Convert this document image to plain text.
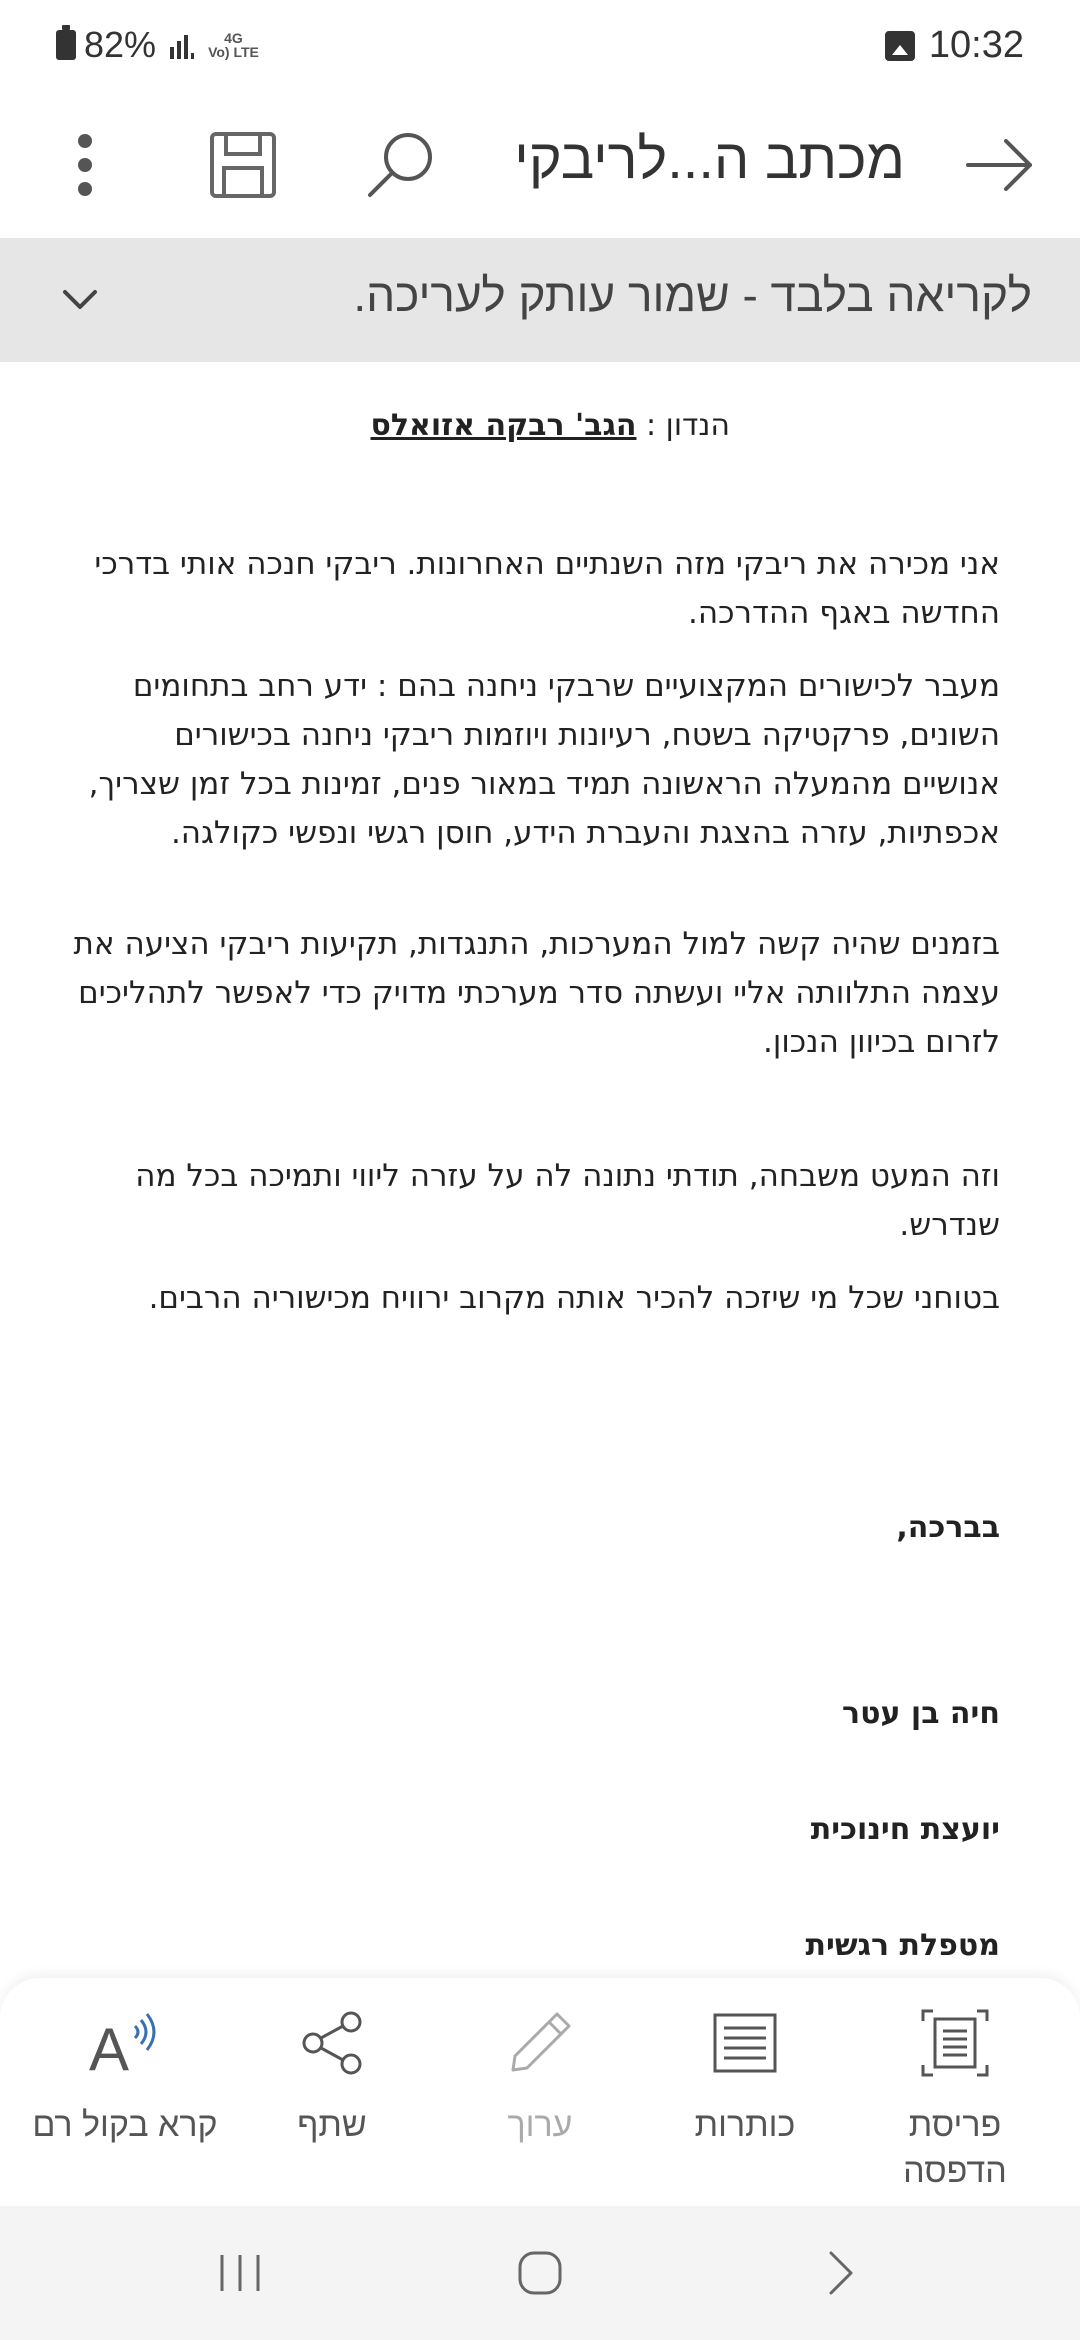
82%	4G
Vo) LTE	10:32
מכתב ה...לריבקי
לקריאה בלבד - שמור עותק לעריכה.

הנדון : הגב' רבקה אזואלס

אני מכירה את ריבקי מזה השנתיים האחרונות. ריבקי חנכה אותי בדרכי החדשה באגף ההדרכה.

מעבר לכישורים המקצועיים שרבקי ניחנה בהם : ידע רחב בתחומים השונים, פרקטיקה בשטח, רעיונות ויוזמות ריבקי ניחנה בכישורים אנושיים מהמעלה הראשונה תמיד במאור פנים, זמינות בכל זמן שצריך, אכפתיות, עזרה בהצגת והעברת הידע, חוסן רגשי ונפשי כקולגה.

בזמנים שהיה קשה למול המערכות, התנגדות, תקיעות ריבקי הציעה את עצמה התלוותה אליי ועשתה סדר מערכתי מדויק כדי לאפשר לתהליכים לזרום בכיוון הנכון.

וזה המעט משבחה, תודתי נתונה לה על עזרה ליווי ותמיכה בכל מה שנדרש.

בטוחני שכל מי שיזכה להכיר אותה מקרוב ירוויח מכישוריה הרבים.

בברכה,

חיה בן עטר

יועצת חינוכית

מטפלת רגשית

פריסת הדפסה
כותרות
ערוך
שתף
A
קרא בקול רם
